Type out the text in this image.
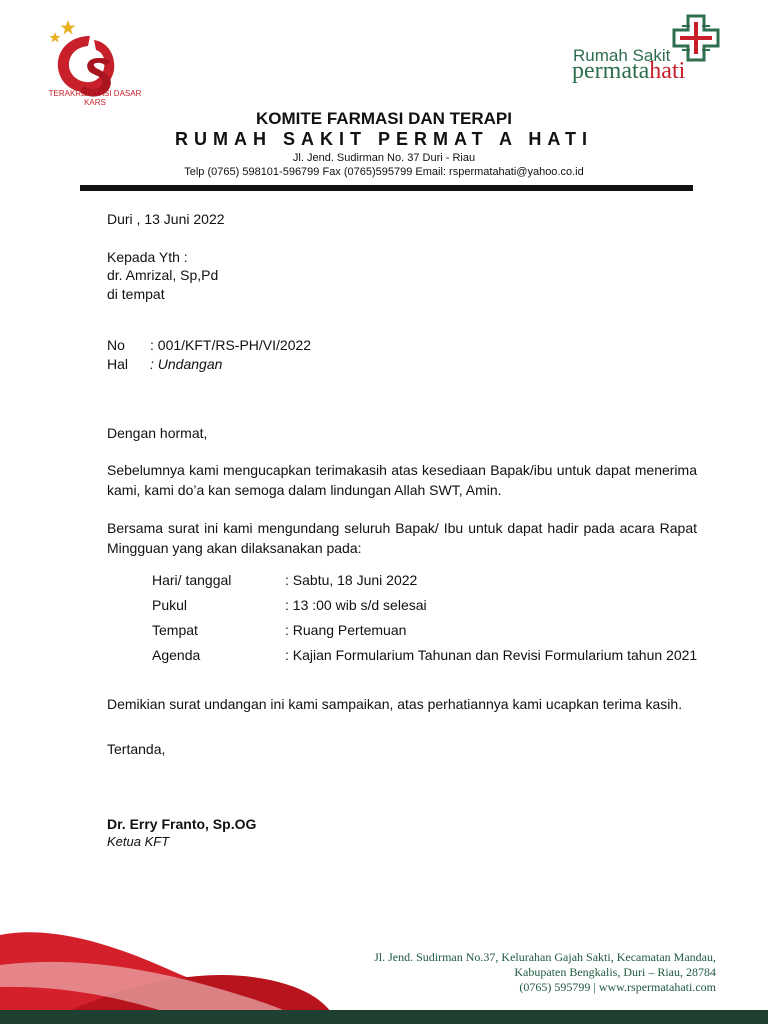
TERAKREDITASI DASAR
KARS
Rumah Sakit
permatahati
KOMITE FARMASI DAN TERAPI
RUMAH SAKIT PERMAT A HATI
Jl. Jend. Sudirman No. 37 Duri - Riau
Telp (0765) 598101-596799 Fax (0765)595799 Email: rspermatahati@yahoo.co.id
Duri , 13 Juni 2022
Kepada Yth :
dr. Amrizal, Sp,Pd
di tempat
No : 001/KFT/RS-PH/VI/2022
Hal : Undangan
Dengan hormat,
Sebelumnya kami mengucapkan terimakasih atas kesediaan Bapak/ibu untuk dapat menerima kami, kami do’a kan semoga dalam lindungan Allah SWT, Amin.
Bersama surat ini kami mengundang seluruh Bapak/ Ibu untuk dapat hadir pada acara Rapat Mingguan yang akan dilaksanakan pada:
Hari/ tanggal	: Sabtu, 18 Juni 2022
Pukul	: 13 :00 wib s/d selesai
Tempat	: Ruang Pertemuan
Agenda	: Kajian Formularium Tahunan dan Revisi Formularium tahun 2021
Demikian surat undangan ini kami sampaikan, atas perhatiannya kami ucapkan terima kasih.
Tertanda,
Dr. Erry Franto, Sp.OG
Ketua KFT
Jl. Jend. Sudirman No.37, Kelurahan Gajah Sakti, Kecamatan Mandau,
Kabupaten Bengkalis, Duri – Riau, 28784
(0765) 595799 | www.rspermatahati.com
